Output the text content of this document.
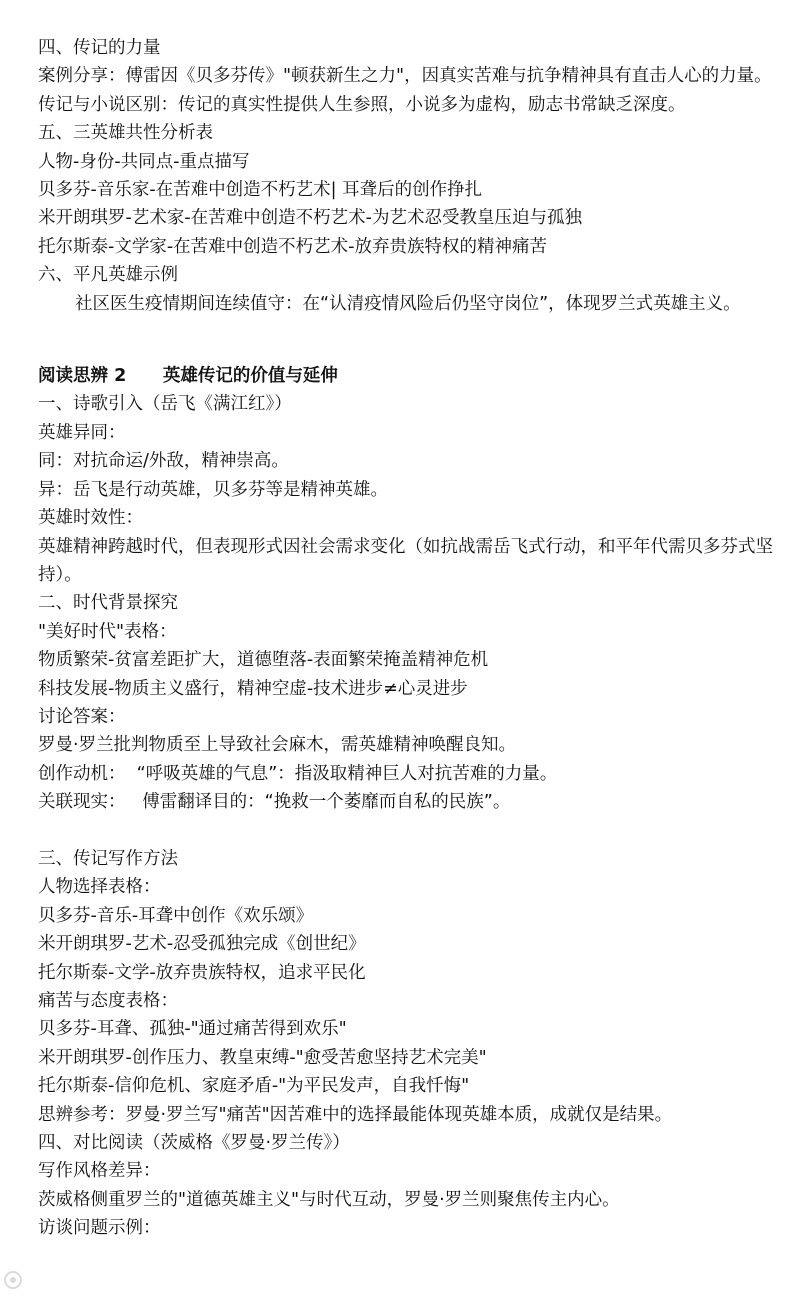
四、传记的力量
案例分享：傅雷因《贝多芬传》"顿获新生之力"，因真实苦难与抗争精神具有直击人心的力量。
传记与小说区别：传记的真实性提供人生参照，小说多为虚构，励志书常缺乏深度。
五、三英雄共性分析表
人物-身份-共同点-重点描写
贝多芬-音乐家-在苦难中创造不朽艺术| 耳聋后的创作挣扎
米开朗琪罗-艺术家-在苦难中创造不朽艺术-为艺术忍受教皇压迫与孤独
托尔斯泰-文学家-在苦难中创造不朽艺术-放弃贵族特权的精神痛苦
六、平凡英雄示例
社区医生疫情期间连续值守：在“认清疫情风险后仍坚守岗位”，体现罗兰式英雄主义。
阅读思辨 2      英雄传记的价值与延伸
一、诗歌引入（岳飞《满江红》）
英雄异同：
同：对抗命运/外敌，精神崇高。
异：岳飞是行动英雄，贝多芬等是精神英雄。
英雄时效性：
英雄精神跨越时代，但表现形式因社会需求变化（如抗战需岳飞式行动，和平年代需贝多芬式坚持）。
二、时代背景探究
"美好时代"表格：
物质繁荣-贫富差距扩大，道德堕落-表面繁荣掩盖精神危机
科技发展-物质主义盛行，精神空虚-技术进步≠心灵进步
讨论答案：
罗曼·罗兰批判物质至上导致社会麻木，需英雄精神唤醒良知。
创作动机：  “呼吸英雄的气息”：指汲取精神巨人对抗苦难的力量。
关联现实：   傅雷翻译目的：“挽救一个萎靡而自私的民族”。
三、传记写作方法
人物选择表格：
贝多芬-音乐-耳聋中创作《欢乐颂》
米开朗琪罗-艺术-忍受孤独完成《创世纪》
托尔斯泰-文学-放弃贵族特权，追求平民化
痛苦与态度表格：
贝多芬-耳聋、孤独-"通过痛苦得到欢乐"
米开朗琪罗-创作压力、教皇束缚-"愈受苦愈坚持艺术完美"
托尔斯泰-信仰危机、家庭矛盾-"为平民发声，自我忏悔"
思辨参考：罗曼·罗兰写"痛苦"因苦难中的选择最能体现英雄本质，成就仅是结果。
四、对比阅读（茨威格《罗曼·罗兰传》）
写作风格差异：
茨威格侧重罗兰的"道德英雄主义"与时代互动，罗曼·罗兰则聚焦传主内心。
访谈问题示例：
